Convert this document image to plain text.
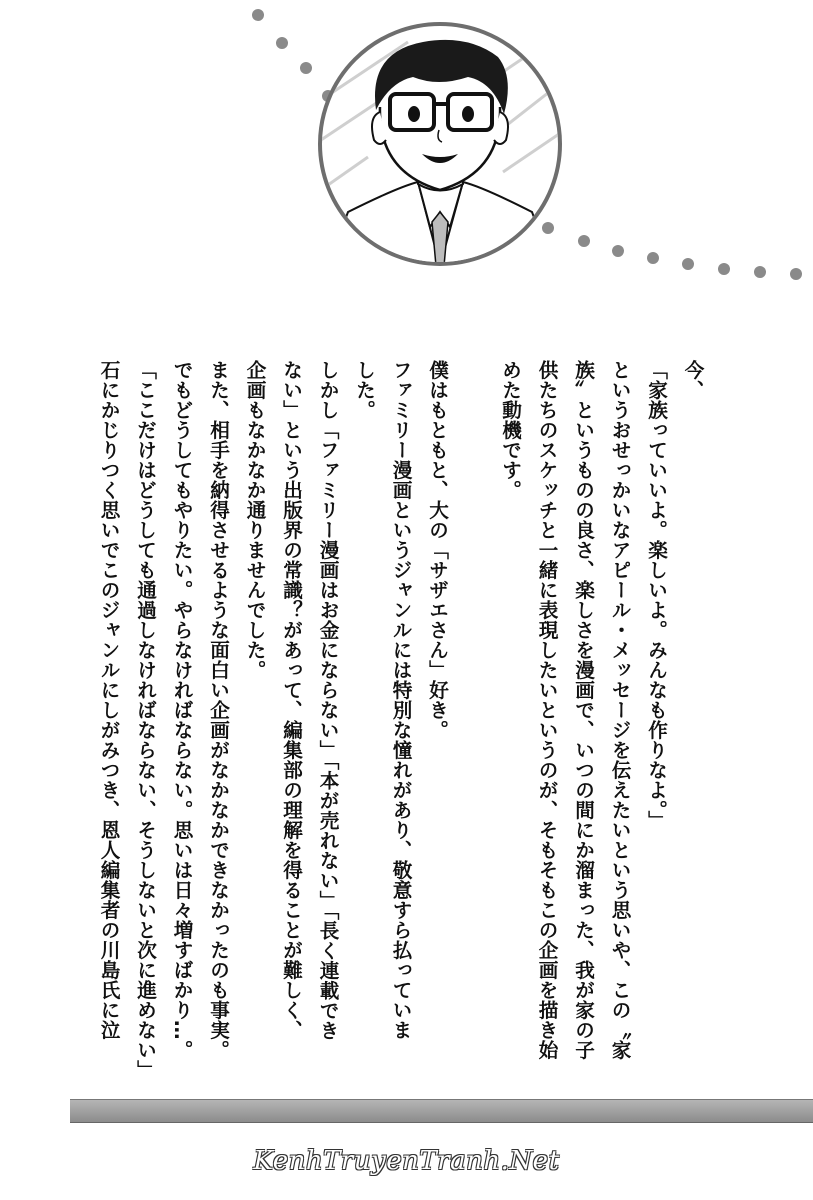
今、

「家族っていいよ。楽しいよ。みんなも作りなよ。」

というおせっかいなアピール・メッセージを伝えたいという思いや、この〝家

族〟というものの良さ、楽しさを漫画で、いつの間にか溜まった、我が家の子

供たちのスケッチと一緒に表現したいというのが、そもそもこの企画を描き始

めた動機です。

僕はもともと、大の「サザエさん」好き。

ファミリー漫画というジャンルには特別な憧れがあり、敬意すら払っていま

した。

しかし「ファミリー漫画はお金にならない」「本が売れない」「長く連載でき

ない」という出版界の常識？があって、編集部の理解を得ることが難しく、

企画もなかなか通りませんでした。

また、相手を納得させるような面白い企画がなかなかできなかったのも事実。

でもどうしてもやりたい。やらなければならない。思いは日々増すばかり…。

「ここだけはどうしても通過しなければならない、そうしないと次に進めない」

石にかじりつく思いでこのジャンルにしがみつき、恩人編集者の川島氏に泣

KenhTruyenTranh.Net
